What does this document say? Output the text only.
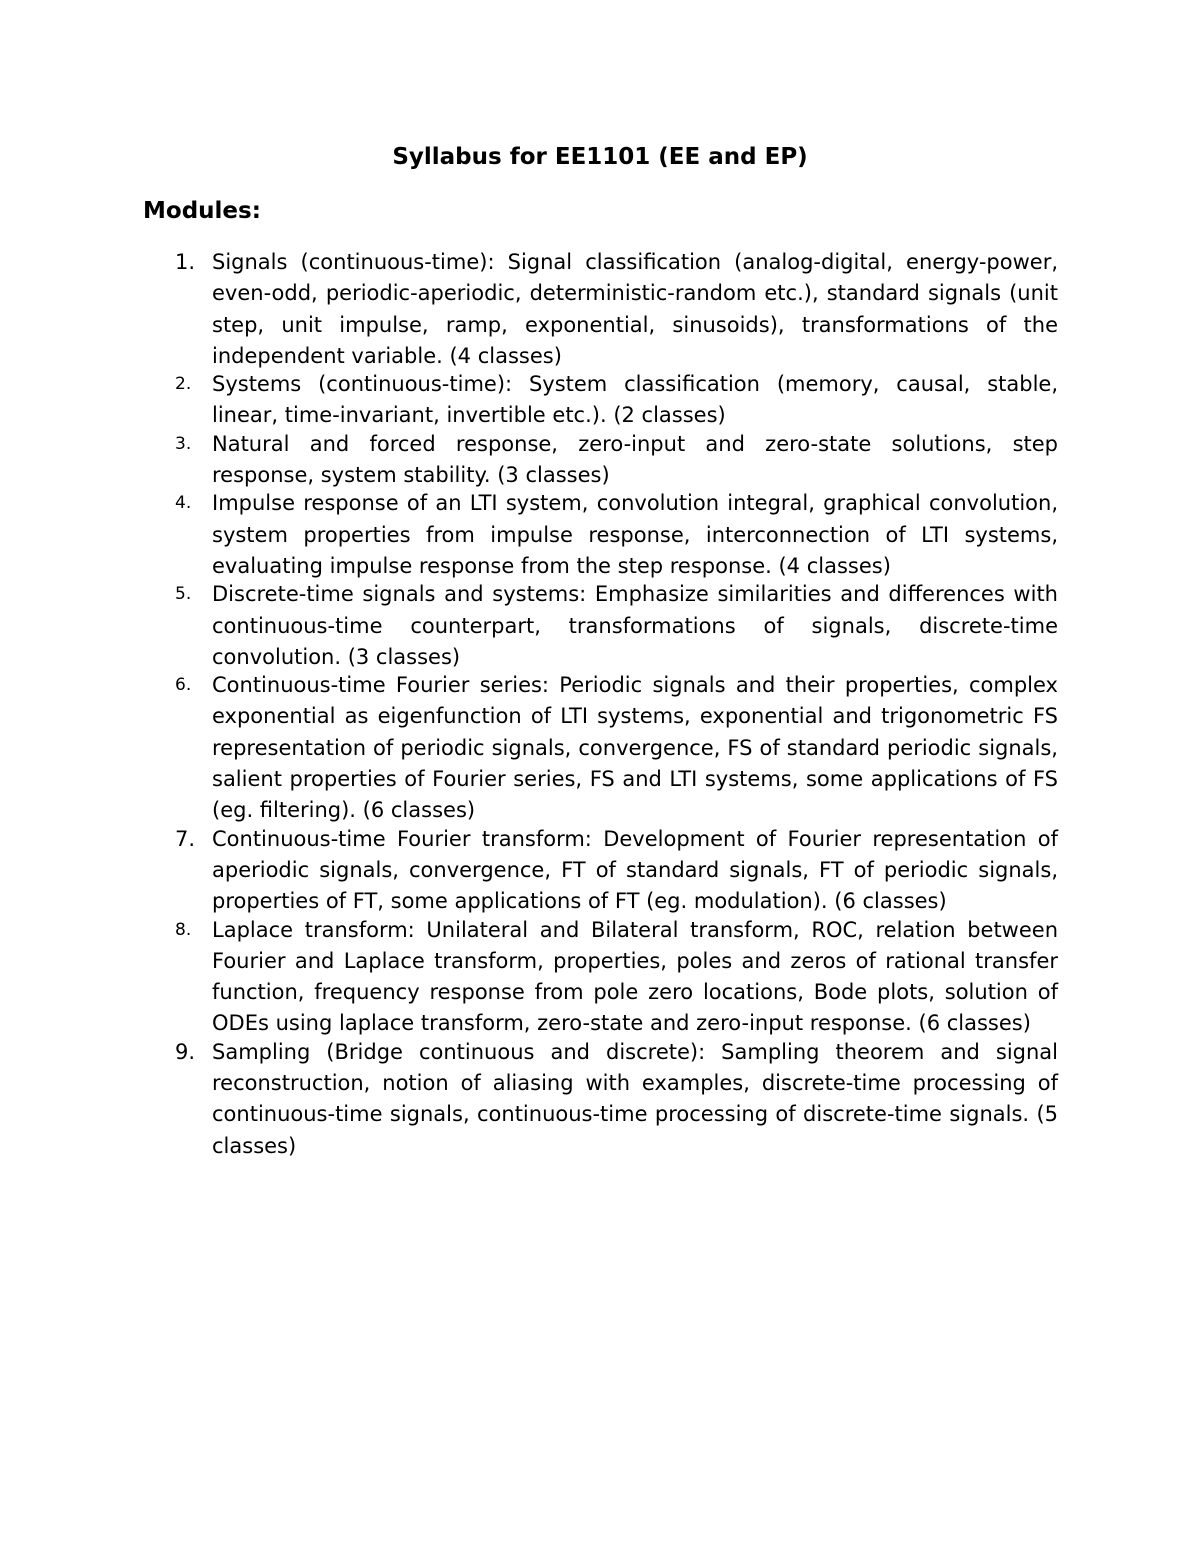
Syllabus for EE1101 (EE and EP)
Modules:
1. Signals (continuous-time): Signal classification (analog-digital, energy-power, even-odd, periodic-aperiodic, deterministic-random etc.), standard signals (unit step, unit impulse, ramp, exponential, sinusoids), transformations of the independent variable. (4 classes)
2. Systems (continuous-time): System classification (memory, causal, stable, linear, time-invariant, invertible etc.). (2 classes)
3. Natural and forced response, zero-input and zero-state solutions, step response, system stability. (3 classes)
4. Impulse response of an LTI system, convolution integral, graphical convolution, system properties from impulse response, interconnection of LTI systems, evaluating impulse response from the step response. (4 classes)
5. Discrete-time signals and systems: Emphasize similarities and differences with continuous-time counterpart, transformations of signals, discrete-time convolution. (3 classes)
6. Continuous-time Fourier series: Periodic signals and their properties, complex exponential as eigenfunction of LTI systems, exponential and trigonometric FS representation of periodic signals, convergence, FS of standard periodic signals, salient properties of Fourier series, FS and LTI systems, some applications of FS (eg. filtering). (6 classes)
7. Continuous-time Fourier transform: Development of Fourier representation of aperiodic signals, convergence, FT of standard signals, FT of periodic signals, properties of FT, some applications of FT (eg. modulation). (6 classes)
8. Laplace transform: Unilateral and Bilateral transform, ROC, relation between Fourier and Laplace transform, properties, poles and zeros of rational transfer function, frequency response from pole zero locations, Bode plots, solution of ODEs using laplace transform, zero-state and zero-input response. (6 classes)
9. Sampling (Bridge continuous and discrete): Sampling theorem and signal reconstruction, notion of aliasing with examples, discrete-time processing of continuous-time signals, continuous-time processing of discrete-time signals. (5 classes)
